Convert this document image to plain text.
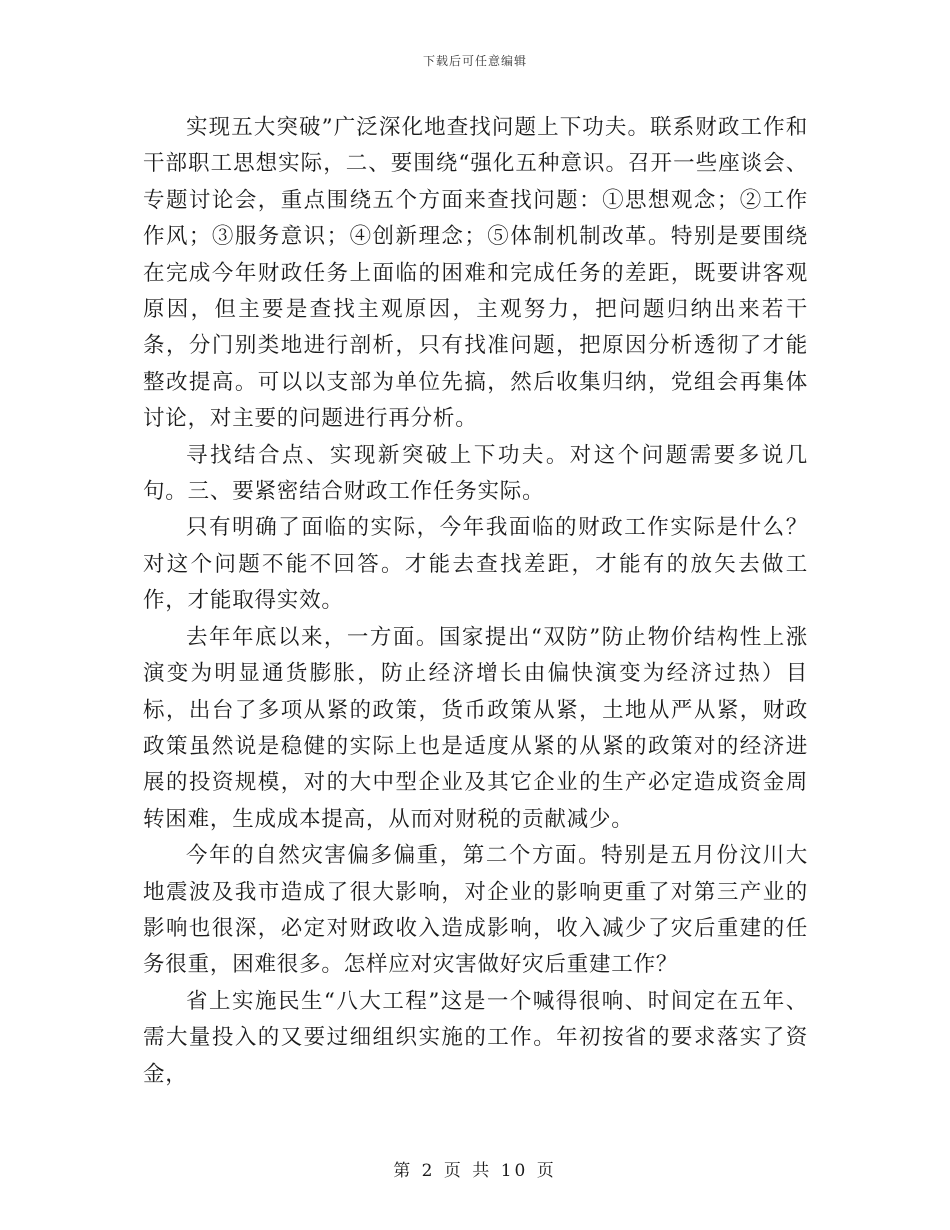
下载后可任意编辑

实现五大突破”广泛深化地查找问题上下功夫。联系财政工作和干部职工思想实际，二、要围绕“强化五种意识。召开一些座谈会、专题讨论会，重点围绕五个方面来查找问题：①思想观念；②工作作风；③服务意识；④创新理念；⑤体制机制改革。特别是要围绕在完成今年财政任务上面临的困难和完成任务的差距，既要讲客观原因，但主要是查找主观原因，主观努力，把问题归纳出来若干条，分门别类地进行剖析，只有找准问题，把原因分析透彻了才能整改提高。可以以支部为单位先搞，然后收集归纳，党组会再集体讨论，对主要的问题进行再分析。

寻找结合点、实现新突破上下功夫。对这个问题需要多说几句。三、要紧密结合财政工作任务实际。

只有明确了面临的实际，今年我面临的财政工作实际是什么？对这个问题不能不回答。才能去查找差距，才能有的放矢去做工作，才能取得实效。

去年年底以来，一方面。国家提出“双防”防止物价结构性上涨演变为明显通货膨胀，防止经济增长由偏快演变为经济过热）目标，出台了多项从紧的政策，货币政策从紧，土地从严从紧，财政政策虽然说是稳健的实际上也是适度从紧的从紧的政策对的经济进展的投资规模，对的大中型企业及其它企业的生产必定造成资金周转困难，生成成本提高，从而对财税的贡献减少。

今年的自然灾害偏多偏重，第二个方面。特别是五月份汶川大地震波及我市造成了很大影响，对企业的影响更重了对第三产业的影响也很深，必定对财政收入造成影响，收入减少了灾后重建的任务很重，困难很多。怎样应对灾害做好灾后重建工作？

省上实施民生“八大工程”这是一个喊得很响、时间定在五年、需大量投入的又要过细组织实施的工作。年初按省的要求落实了资金，

第 2 页 共 10 页
